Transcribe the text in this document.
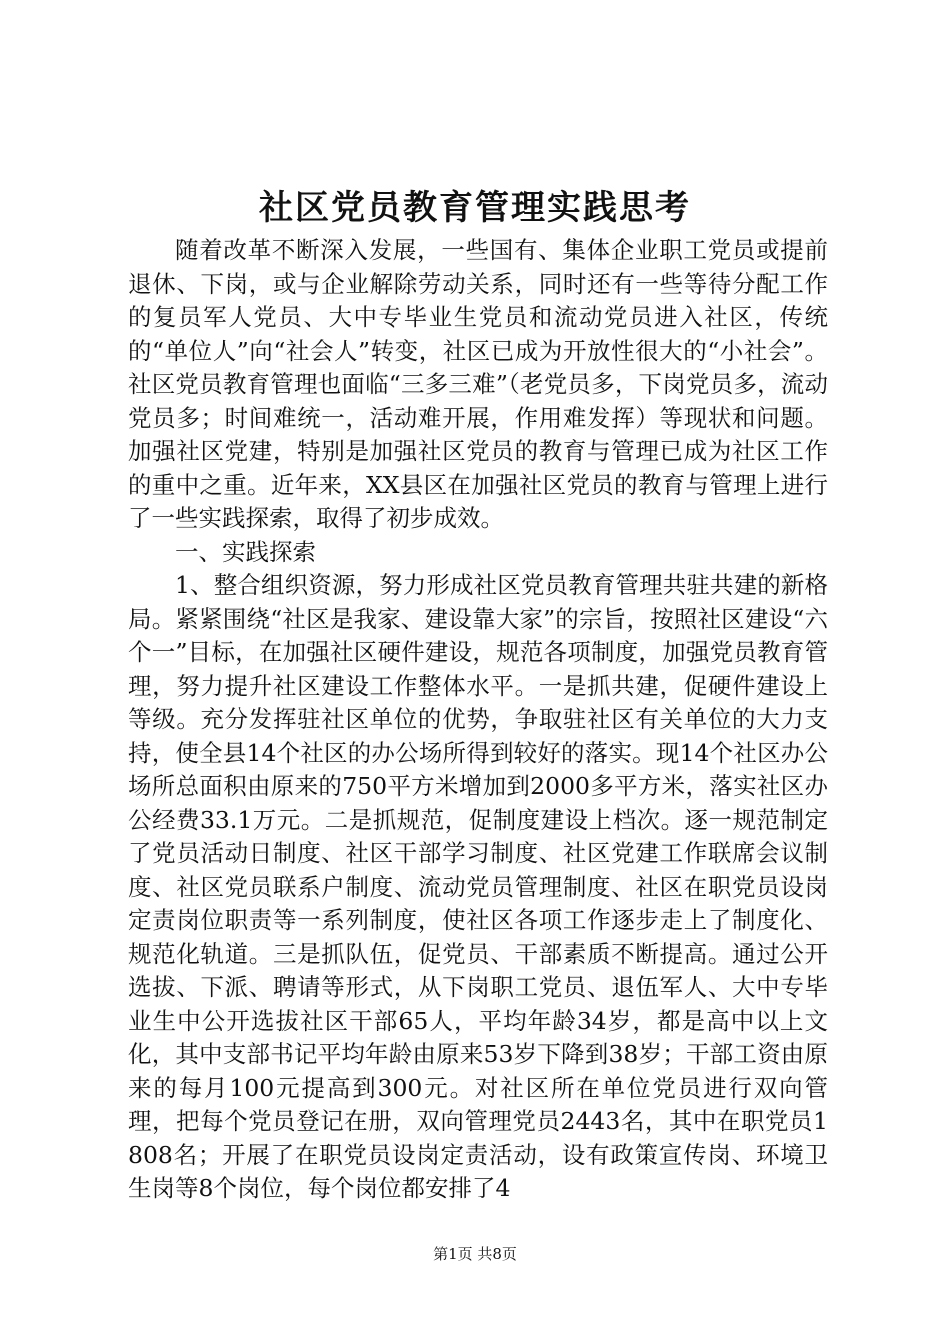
社区党员教育管理实践思考

随着改革不断深入发展，一些国有、集体企业职工党员或提前退休、下岗，或与企业解除劳动关系，同时还有一些等待分配工作的复员军人党员、大中专毕业生党员和流动党员进入社区，传统的“单位人”向“社会人”转变，社区已成为开放性很大的“小社会”。社区党员教育管理也面临“三多三难”（老党员多，下岗党员多，流动党员多；时间难统一，活动难开展，作用难发挥）等现状和问题。加强社区党建，特别是加强社区党员的教育与管理已成为社区工作的重中之重。近年来，XX县区在加强社区党员的教育与管理上进行了一些实践探索，取得了初步成效。

一、实践探索

1、整合组织资源，努力形成社区党员教育管理共驻共建的新格局。紧紧围绕“社区是我家、建设靠大家”的宗旨，按照社区建设“六个一”目标，在加强社区硬件建设，规范各项制度，加强党员教育管理，努力提升社区建设工作整体水平。一是抓共建，促硬件建设上等级。充分发挥驻社区单位的优势，争取驻社区有关单位的大力支持，使全县14个社区的办公场所得到较好的落实。现14个社区办公场所总面积由原来的750平方米增加到2000多平方米，落实社区办公经费33.1万元。二是抓规范，促制度建设上档次。逐一规范制定了党员活动日制度、社区干部学习制度、社区党建工作联席会议制度、社区党员联系户制度、流动党员管理制度、社区在职党员设岗定责岗位职责等一系列制度，使社区各项工作逐步走上了制度化、规范化轨道。三是抓队伍，促党员、干部素质不断提高。通过公开选拔、下派、聘请等形式，从下岗职工党员、退伍军人、大中专毕业生中公开选拔社区干部65人，平均年龄34岁，都是高中以上文化，其中支部书记平均年龄由原来53岁下降到38岁；干部工资由原来的每月100元提高到300元。对社区所在单位党员进行双向管理，把每个党员登记在册，双向管理党员2443名，其中在职党员1808名；开展了在职党员设岗定责活动，设有政策宣传岗、环境卫生岗等8个岗位，每个岗位都安排了4

第1页 共8页
